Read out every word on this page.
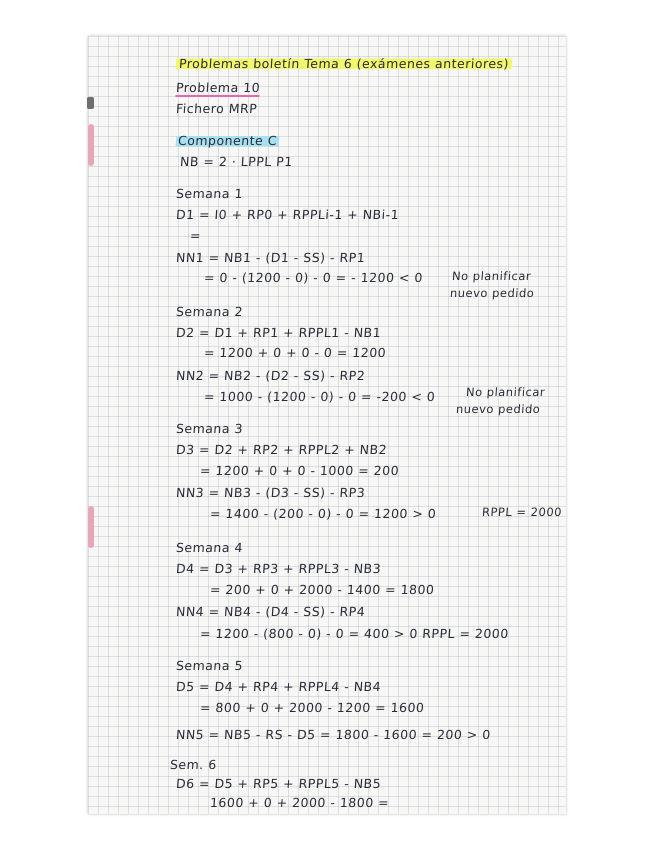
Problemas boletín Tema 6 (exámenes anteriores)
Problema 10
Fichero MRP
Componente C
NB = 2 · LPPL P1
Semana 1
D1 = I0 + RP0 + RPPLi-1 + NBi-1
=
NN1 = NB1 - (D1 - SS) - RP1
= 0 - (1200 - 0) - 0 = - 1200 < 0 No planificar
nuevo pedido
Semana 2
D2 = D1 + RP1 + RPPL1 - NB1
= 1200 + 0 + 0 - 0 = 1200
NN2 = NB2 - (D2 - SS) - RP2
= 1000 - (1200 - 0) - 0 = -200 < 0	No planificar
nuevo pedido
Semana 3
D3 = D2 + RP2 + RPPL2 + NB2
= 1200 + 0 + 0 - 1000 = 200
NN3 = NB3 - (D3 - SS) - RP3
= 1400 - (200 - 0) - 0 = 1200 > 0	RPPL = 2000
Semana 4
D4 = D3 + RP3 + RPPL3 - NB3
= 200 + 0 + 2000 - 1400 = 1800
NN4 = NB4 - (D4 - SS) - RP4
= 1200 - (800 - 0) - 0 = 400 > 0 RPPL = 2000
Semana 5
D5 = D4 + RP4 + RPPL4 - NB4
= 800 + 0 + 2000 - 1200 = 1600
NN5 = NB5 - RS - D5 = 1800 - 1600 = 200 > 0
Sem. 6
D6 = D5 + RP5 + RPPL5 - NB5
1600 + 0 + 2000 - 1800 =
